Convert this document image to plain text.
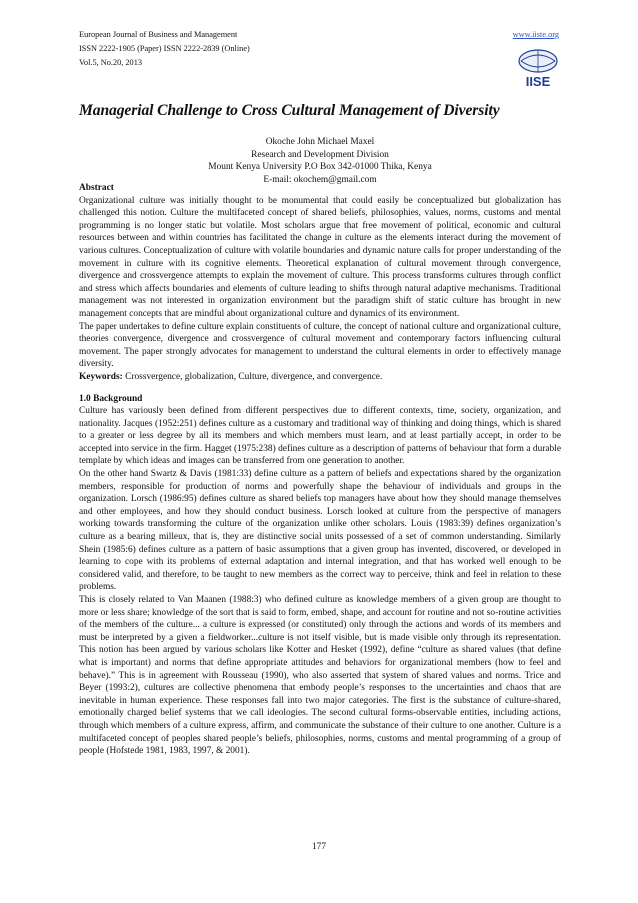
European Journal of Business and Management	www.iiste.org
ISSN 2222-1905 (Paper) ISSN 2222-2839 (Online)
Vol.5, No.20, 2013
IISE
Managerial Challenge to Cross Cultural Management of Diversity
Okoche John Michael Maxel
Research and Development Division
Mount Kenya University P.O Box 342-01000 Thika, Kenya
E-mail: okochem@gmail.com

Abstract

Organizational culture was initially thought to be monumental that could easily be conceptualized but globalization has challenged this notion. Culture the multifaceted concept of shared beliefs, philosophies, values, norms, customs and mental programming is no longer static but volatile. Most scholars argue that free movement of political, economic and cultural resources between and within countries has facilitated the change in culture as the elements interact during the movement of various cultures. Conceptualization of culture with volatile boundaries and dynamic nature calls for proper understanding of the movement in culture with its cognitive elements. Theoretical explanation of cultural movement through convergence, divergence and crossvergence attempts to explain the movement of culture. This process transforms cultures through conflict and stress which affects boundaries and elements of culture leading to shifts through natural adaptive mechanisms. Traditional management was not interested in organization environment but the paradigm shift of static culture has brought in new management concepts that are mindful about organizational culture and dynamics of its environment.

The paper undertakes to define culture explain constituents of culture, the concept of national culture and organizational culture, theories convergence, divergence and crossvergence of cultural movement and contemporary factors influencing cultural movement. The paper strongly advocates for management to understand the cultural elements in order to effectively manage diversity.

Keywords: Crossvergence, globalization, Culture, divergence, and convergence.

1.0 Background

Culture has variously been defined from different perspectives due to different contexts, time, society, organization, and nationality. Jacques (1952:251) defines culture as a customary and traditional way of thinking and doing things, which is shared to a greater or less degree by all its members and which members must learn, and at least partially accept, in order to be accepted into service in the firm. Hagget (1975:238) defines culture as a description of patterns of behaviour that form a durable template by which ideas and images can be transferred from one generation to another.

On the other hand Swartz & Davis (1981:33) define culture as a pattern of beliefs and expectations shared by the organization members, responsible for production of norms and powerfully shape the behaviour of individuals and groups in the organization. Lorsch (1986:95) defines culture as shared beliefs top managers have about how they should manage themselves and other employees, and how they should conduct business. Lorsch looked at culture from the perspective of managers working towards transforming the culture of the organization unlike other scholars. Louis (1983:39) defines organization’s culture as a bearing milleux, that is, they are distinctive social units possessed of a set of common understanding. Similarly Shein (1985:6) defines culture as a pattern of basic assumptions that a given group has invented, discovered, or developed in learning to cope with its problems of external adaptation and internal integration, and that has worked well enough to be considered valid, and therefore, to be taught to new members as the correct way to perceive, think and feel in relation to these problems.

This is closely related to Van Maanen (1988:3) who defined culture as knowledge members of a given group are thought to more or less share; knowledge of the sort that is said to form, embed, shape, and account for routine and not so-routine activities of the members of the culture... a culture is expressed (or constituted) only through the actions and words of its members and must be interpreted by a given a fieldworker...culture is not itself visible, but is made visible only through its representation. This notion has been argued by various scholars like Kotter and Hesket (1992), define “culture as shared values (that define what is important) and norms that define appropriate attitudes and behaviors for organizational members (how to feel and behave).” This is in agreement with Rousseau (1990), who also asserted that system of shared values and norms. Trice and Beyer (1993:2), cultures are collective phenomena that embody people’s responses to the uncertainties and chaos that are inevitable in human experience. These responses fall into two major categories. The first is the substance of culture-shared, emotionally charged belief systems that we call ideologies. The second cultural forms-observable entities, including actions, through which members of a culture express, affirm, and communicate the substance of their culture to one another. Culture is a multifaceted concept of peoples shared people’s beliefs, philosophies, norms, customs and mental programming of a group of people (Hofstede 1981, 1983, 1997, & 2001).

177
